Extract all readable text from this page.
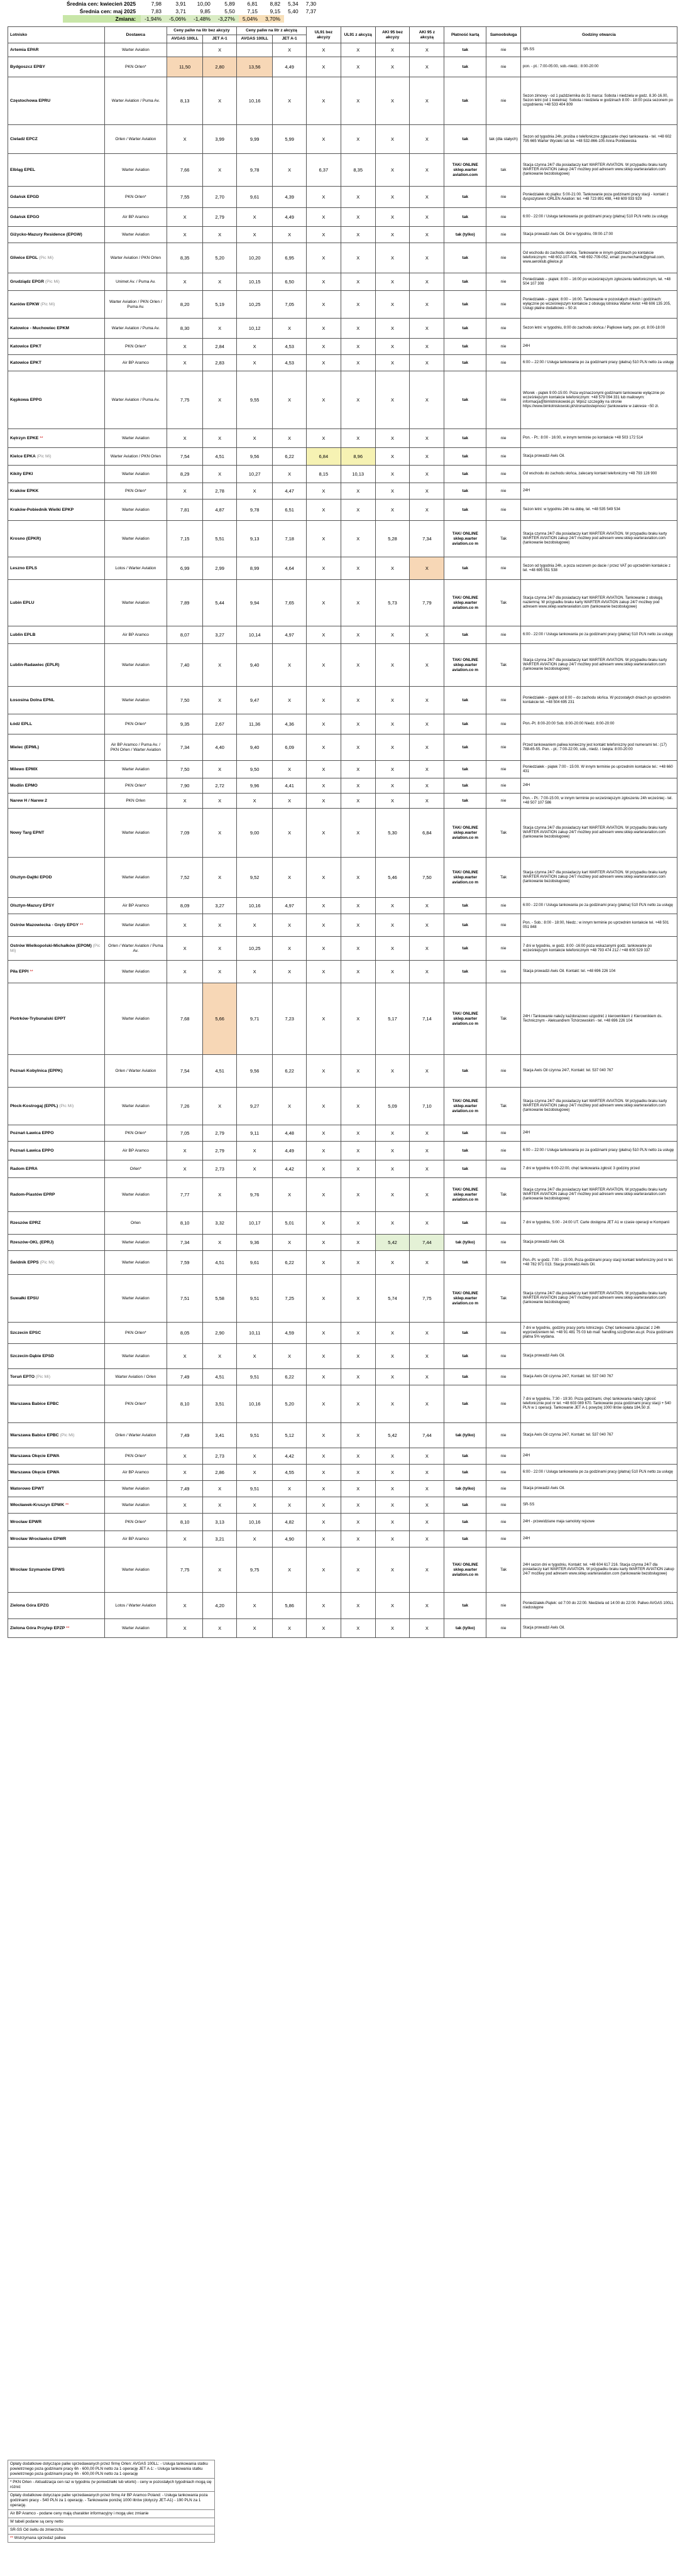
Średnia cen: kwiecień 2025	7,98	3,91	10,00	5,89	6,81	8,82	5,34	7,30
Średnia cen: maj 2025	7,83	3,71	9,85	5,50	7,15	9,15	5,40	7,37
Zmiana:	-1,94%	-5,06%	-1,48%	-3,27%	5,04%	3,70%		
Lotnisko	Dostawca	Ceny paliw na litr bez akcyzy		Ceny paliw na litr z akcyzą		UL91 bez akcyzy	UL91 z akcyzą	AKI 95 bez akcyzy	AKI 95 z akcyzą	Płatność kartą	Samoobsługa	Godziny otwarcia
		AVGAS 100LL	JET A-1	AVGAS 100LL	JET A-1							
Artemia EPAR	Warter Aviation		X		X	X	X	X	X	tak	nie	SR-SS
Bydgoszcz EPBY	PKN Orlen*	11,50	2,80	13,56	4,49	X	X	X	X	tak	nie	pon. - pt.: 7:00-05:00, sob.-niedz.: 8:00-20:00
Częstochowa EPRU	Warter Aviation / Puma Av.	8,13	X	10,16	X	X	X	X	X	tak	nie	Sezon zimowy - od 1 października do 31 marca: Sobota i niedziela w godz. 8.30-16.00, Sezon letni (od 1 kwietnia): Sobota i niedziela w godzinach 8:00 - 18:00 poza sezonem po uzgodnieniu +48 533 404 809
Cieladź EPCZ	Orlen / Warter Aviation	X	3,99	9,99	5,99	X	X	X	X	tak	tak (dla stałych)	Sezon od tygodnia 24h, prośba o telefoniczne zgłaszanie chęci tankowania - tel. +48 602 795 665 Warter Wycieki lub tel. +48 532-866-105 Anna Ponikiewska
Elbląg EPEL	Warter Aviation	7,66	X	9,78	X	6,37	8,35	X	X	TAK/ ONLINE sklep.warter aviation.com	tak	Stacja czynna 24/7 dla posiadaczy kart WARTER AVIATION. W przypadku braku karty WARTER AVIATION zakup 24/7 możliwy pod adresem www.sklep.warteraviation.com (tankowanie bezobsługowe)
Gdańsk EPGD	PKN Orlen*	7,55	2,70	9,61	4,39	X	X	X	X	tak	nie	Poniedziałek do piątku: 5:00-21:00. Tankowanie poza godzinami pracy stacji - kontakt z dyspozytorem ORLEN Aviation: tel. +48 723 891 498, +48 609 933 929
Gdańsk EPGO	Air BP Aramco	X	2,79	X	4,49	X	X	X	X	tak	nie	6:00 - 22:00 / Usługa tankowania po godzinami pracy (płatna) 510 PLN netto za usługę
Giżycko-Mazury Residence (EPGW)	Warter Aviation	X	X	X	X	X	X	X	X	tak (tylko)	nie	Stacja prowadzi Awis Oil. Dni w tygodniu, 09:00-17:00
Gliwice EPGL (Pic Mi)	Warter Aviation / PKN Orlen	8,35	5,20	10,20	6,95	X	X	X	X	tak	nie	Od wschodu do zachodu słońca. Tankowanie w innym godzinach po kontakcie telefonicznym: +48 602-107-406, +48 692-709-052, email: pw.mechanik@gmail.com, www.aeroklub.gliwice.pl
Grudziądz EPGR (Pic Mi)	Unimet Av. / Puma Av.	X	X	10,15	6,50	X	X	X	X	tak	nie	Poniedziałek – piątek: 8:00 – 16:00 po wcześniejszym zgłoszeniu telefonicznym, tel. +48 504 107 308
Kaniów EPKW (Pic Mi)	Warter Aviation / PKN Orlen / Puma Av.	8,20	5,19	10,25	7,05	X	X	X	X	tak	nie	Poniedziałek – piątek: 8:00 – 16:00. Tankowanie w pozostałych dniach i godzinach: wyłącznie po wcześniejszym kontakcie z obsługą lotniska Warter Airlot +48 606 135 205, Usługi płatne dodatkowo – 50 zł.
Katowice - Muchowiec EPKM	Warter Aviation / Puma Av.	8,30	X	10,12	X	X	X	X	X	tak	nie	Sezon letni: w tygodniu, 8:00 do zachodu słońca / Piątkowe karty, pon.-pt. 8:00-18:00
Katowice EPKT	PKN Orlen*	X	2,84	X	4,53	X	X	X	X	tak	nie	24H
Katowice EPKT	Air BP Aramco	X	2,83	X	4,53	X	X	X	X	tak	nie	6:00 – 22:00 / Usługa tankowania po za godzinami pracy (płatna) 510 PLN netto za usługę
Kępkowa EPPG	Warter Aviation / Puma Av.	7,75	X	9,55	X	X	X	X	X	tak	nie	Wtorek - piątek 9:00-15:00. Poza wyznaczonymi godzinami tankowanie wyłącznie po wcześniejszym kontakcie telefonicznym: +48 579 094 331 lub mailowym: informacja@bimlotniskowski.pl. Wpisz szczegóły na stronie https://www.bimlotniskowski.pl/strona/dostepnosc/ (tankowanie w zakresie ~50 zł.
Kętrzyn EPKE **	Warter Aviation	X	X	X	X	X	X	X	X	tak	nie	Pon. - Pt.: 8:00 - 16:00, w innym terminie po kontakcie +48 503 172 514
Kielce EPKA (Pic Mi)	Warter Aviation / PKN Orlen	7,54	4,51	9,56	6,22	6,84	8,96	X	X	tak	nie	Stacja prowadzi Awis Oil.
Kikity EPKI	Warter Aviation	8,29	X	10,27	X	8,15	10,13	X	X	tak	nie	Od wschodu do zachodu słońca, zalecany kontakt telefoniczny +48 793 128 900
Kraków EPKK	PKN Orlen*	X	2,78	X	4,47	X	X	X	X	tak	nie	24H
Kraków-Pobiednik Wielki EPKP	Warter Aviation	7,81	4,87	9,78	6,51	X	X	X	X	tak	nie	Sezon letni: w tygodniu 24h na dobę, tel. +48 535 549 534
Krosno (EPKR)	Warter Aviation	7,15	5,51	9,13	7,18	X	X	5,28	7,34	TAK/ ONLINE sklep.warter aviation.co m	Tak	Stacja czynna 24/7 dla posiadaczy kart WARTER AVIATION. W przypadku braku karty WARTER AVIATION zakup 24/7 możliwy pod adresem www.sklep.warteraviation.com (tankowanie bezobsługowe)
Leszno EPLS	Lotos / Warter Aviation	6,99	2,99	8,99	4,64	X	X	X	X	tak	nie	Sezon od tygodnia 24h, a poza sezonem po dacie / przez VAT po uprzednim kontakcie z tel. +48 695 551 538
Lubin EPLU	Warter Aviation	7,89	5,44	9,94	7,65	X	X	5,73	7,79	TAK/ ONLINE sklep.warter aviation.co m	Tak	Stacja czynna 24/7 dla posiadaczy kart WARTER AVIATION. Tankowanie z obsługą naziemną: W przypadku braku karty WARTER AVIATION zakup 24/7 możliwy pod adresem www.sklep.warteraviation.com (tankowanie bezobsługowe)
Lublin EPLB	Air BP Aramco	8,07	3,27	10,14	4,97	X	X	X	X	tak	nie	6:00 - 22:00 / Usługa tankowania po za godzinami pracy (płatna) 510 PLN netto za usługę
Lublin-Radawiec (EPLR)	Warter Aviation	7,40	X	9,40	X	X	X	X	X	TAK/ ONLINE sklep.warter aviation.co m	Tak	Stacja czynna 24/7 dla posiadaczy kart WARTER AVIATION. W przypadku braku karty WARTER AVIATION zakup 24/7 możliwy pod adresem www.sklep.warteraviation.com (tankowanie bezobsługowe)
Łososina Dolna EPNL	Warter Aviation	7,50	X	9,47	X	X	X	X	X	tak	nie	Poniedziałek – piątek od 8:00 – do zachodu słońca. W pozostałych dniach po uprzednim kontakcie tel. +48 504 695 231
Łódź EPLL	PKN Orlen*	9,35	2,67	11,36	4,36	X	X	X	X	tak	nie	Pon.-Pt. 8:00-20:00 Sob. 8:00-20:00 Niedz. 8:00-20:00
Mielec (EPML)	Air BP Aramco / Puma Av. / PKN Orlen / Warter Aviation	7,34	4,40	9,40	6,09	X	X	X	X	tak	nie	Przed tankowaniem paliwa konieczny jest kontakt telefoniczny pod numerami tel.: (17) 788-65-55. Pon. - pt.: 7:00-22:00, sob., niedz. i święta: 8:00-20:00
Milewo EPMX	Warter Aviation	7,50	X	9,50	X	X	X	X	X	tak	nie	Poniedziałek - piątek 7:00 - 15:00. W innym terminie po uprzednim kontakcie tel.: +48 660 431
Modlin EPMO	PKN Orlen*	7,90	2,72	9,96	4,41	X	X	X	X	tak	nie	24H
Narew H / Narew 2	PKN Orlen	X	X	X	X	X	X	X	X	tak	nie	Pon. - Pt.: 7:00-15:00, w innym terminie po wcześniejszym zgłoszeniu 24h wcześniej - tel. +48 507 107 586
Nowy Targ EPNT	Warter Aviation	7,09	X	9,00	X	X	X	5,30	6,84	TAK/ ONLINE sklep.warter aviation.co m	Tak	Stacja czynna 24/7 dla posiadaczy kart WARTER AVIATION. W przypadku braku karty WARTER AVIATION zakup 24/7 możliwy pod adresem www.sklep.warteraviation.com (tankowanie bezobsługowe)
Olsztyn-Dajtki EPOD	Warter Aviation	7,52	X	9,52	X	X	X	5,46	7,50	TAK/ ONLINE sklep.warter aviation.co m	Tak	Stacja czynna 24/7 dla posiadaczy kart WARTER AVIATION. W przypadku braku karty WARTER AVIATION zakup 24/7 możliwy pod adresem www.sklep.warteraviation.com (tankowanie bezobsługowe)
Olsztyn-Mazury EPSY	Air BP Aramco	8,09	3,27	10,16	4,97	X	X	X	X	tak	nie	6:00 - 22:00 / Usługa tankowania po za godzinami pracy (płatna) 510 PLN netto za usługę
Ostrów Mazowiecka - Gręty EPGY **	Warter Aviation	X	X	X	X	X	X	X	X	tak	nie	Pon. - Sob.: 8:00 - 18:00, Niedz.: w innym terminie po uprzednim kontakcie tel. +48 501 051 848
Ostrów Wielkopolski-Michałków (EPOM) (Pic Mi)	Orlen / Warter Aviation / Puma Av.	X	X	10,25	X	X	X	X	X	tak	nie	7 dni w tygodniu, w godz. 8:00 -16:00 poza wskazanymi godz. tankowanie po wcześniejszym kontakcie telefonicznym +48 793 474 212 / +48 600 529 337
Piła EPPI **	Warter Aviation	X	X	X	X	X	X	X	X	tak	nie	Stacja prowadzi Awis Oil. Kontakt: tel. +48 696 226 104
Piotrków-Trybunalski EPPT	Warter Aviation	7,68	5,66	9,71	7,23	X	X	5,17	7,14	TAK/ ONLINE sklep.warter aviation.co m	Tak	24H / Tankowanie należy każdorazowo uzgodnić z kierownikiem z Kierownikiem ds. Technicznym - Aleksandrem Tchórzewskim - tel. +48 696 226 104
Poznań Kobylnica (EPPK)	Orlen / Warter Aviation	7,54	4,51	9,56	6,22	X	X	X	X	tak	nie	Stacja Awis Oil czynna 24/7, Kontakt: tel. 537 040 767
Płock-Kostrogaj (EPPL) (Pic Mi)	Warter Aviation	7,26	X	9,27	X	X	X	5,09	7,10	TAK/ ONLINE sklep.warter aviation.co m	Tak	Stacja czynna 24/7 dla posiadaczy kart WARTER AVIATION. W przypadku braku karty WARTER AVIATION zakup 24/7 możliwy pod adresem www.sklep.warteraviation.com (tankowanie bezobsługowe)
Poznań Ławica EPPO	PKN Orlen*	7,05	2,79	9,11	4,48	X	X	X	X	tak	nie	24H
Poznań Ławica EPPO	Air BP Aramco	X	2,79	X	4,49	X	X	X	X	tak	nie	6:00 – 22:00 / Usługa tankowania po za godzinami pracy (płatna) 510 PLN netto za usługę
Radom EPRA	Orlen*	X	2,73	X	4,42	X	X	X	X	tak	nie	7 dni w tygodniu 6:00-22:00, chęć tankowania zgłosić 3 godziny przed
Radom-Piastów EPRP	Warter Aviation	7,77	X	9,76	X	X	X	X	X	TAK/ ONLINE sklep.warter aviation.co m	Tak	Stacja czynna 24/7 dla posiadaczy kart WARTER AVIATION. W przypadku braku karty WARTER AVIATION zakup 24/7 możliwy pod adresem www.sklep.warteraviation.com (tankowanie bezobsługowe)
Rzeszów EPRZ	Orlen	8,10	3,32	10,17	5,01	X	X	X	X	tak	nie	7 dni w tygodniu, 5:00 - 24:00 UT. Carte dostępna JET A1 w czasie operacji w Kompanii
Rzeszów-OKL (EPRJ)	Warter Aviation	7,34	X	9,36	X	X	X	5,42	7,44	tak (tylko)	nie	Stacja prowadzi Awis Oil.
Świdnik EPPS (Pic Mi)	Warter Aviation	7,59	4,51	9,61	6,22	X	X	X	X	tak	nie	Pon.-Pt. w godz. 7:00 – 15:00, Poza godzinami pracy stacji kontakt telefoniczny pod nr tel. +48 782 971 013. Stacja prowadzi Awis Oil.
Suwałki EPSU	Warter Aviation	7,51	5,58	9,51	7,25	X	X	5,74	7,75	TAK/ ONLINE sklep.warter aviation.co m	Tak	Stacja czynna 24/7 dla posiadaczy kart WARTER AVIATION. W przypadku braku karty WARTER AVIATION zakup 24/7 możliwy pod adresem www.sklep.warteraviation.com (tankowanie bezobsługowe)
Szczecin EPSC	PKN Orlen*	8,05	2,90	10,11	4,59	X	X	X	X	tak	nie	7 dni w tygodniu, godziny pracy portu lotniczego. Chęć tankowania zgłaszać z 24h wyprzedzeniem tel. +48 91 481 75 03 lub mail: handling.szz@orlen.eu.pl. Poza godzinami płatna 5% wydana.
Szczecin-Dąbie EPSD	Warter Aviation	X	X	X	X	X	X	X	X	tak	nie	Stacja prowadzi Awis Oil.
Toruń EPTO (Pic Mi)	Warter Aviation / Orlen	7,49	4,51	9,51	6,22	X	X	X	X	tak	nie	Stacja Awis Oil czynna 24/7, Kontakt: tel. 537 040 767
Warszawa Babice EPBC	PKN Orlen*	8,10	3,51	10,16	5,20	X	X	X	X	tak	nie	7 dni w tygodniu, 7:30 - 19:30. Poza godzinami, chęć tankowania należy zgłosić telefonicznie pod nr tel. +48 603 089 670. Tankowanie poza godzinami pracy stacji + 540 PLN w 1 operacji. Tankowanie JET A-1 powyżej 1000 litrów opłata 184,50 zł.
Warszawa Babice EPBC (Pic Mi)	Orlen / Warter Aviation	7,49	3,41	9,51	5,12	X	X	5,42	7,44	tak (tylko)	nie	Stacja Awis Oil czynna 24/7, Kontakt: tel. 537 040 767
Warszawa Okęcie EPWA	PKN Orlen*	X	2,73	X	4,42	X	X	X	X	tak	nie	24H
Warszawa Okęcie EPWA	Air BP Aramco	X	2,86	X	4,55	X	X	X	X	tak	nie	6:00 - 22:00 / Usługa tankowania po za godzinami pracy (płatna) 510 PLN netto za usługę
Watorowo EPWT	Warter Aviation	7,49	X	9,51	X	X	X	X	X	tak (tylko)	nie	Stacja prowadzi Awis Oil.
Włocławek-Kruszyn EPWK **	Warter Aviation	X	X	X	X	X	X	X	X	tak	nie	SR-SS
Wrocław EPWR	PKN Orlen*	8,10	3,13	10,16	4,82	X	X	X	X	tak	nie	24H - przewidziane maja samoloty rejsowe
Wrocław Wrocławice EPWR	Air BP Aramco	X	3,21	X	4,90	X	X	X	X	tak	nie	24H
Wrocław Szymanów EPWS	Warter Aviation	7,75	X	9,75	X	X	X	X	X	TAK/ ONLINE sklep.warter aviation.co m	Tak	24H sezon dni w tygodniu, Kontakt: tel. +48 604 617 216. Stacja czynna 24/7 dla posiadaczy kart WARTER AVIATION. W przypadku braku karty WARTER AVIATION zakup 24/7 możliwy pod adresem www.sklep.warteraviation.com (tankowanie bezobsługowe)
Zielona Góra EPZG	Lotos / Warter Aviation	X	4,20	X	5,86	X	X	X	X	tak	nie	Poniedziałek-Piątek: od 7:00 do 22:00. Niedziela od 14:00 do 22:00. Paliwo AVGAS 100LL niedostępne
Zielona Góra Przylep EPZP **	Warter Aviation	X	X	X	X	X	X	X	X	tak (tylko)	nie	Stacja prowadzi Awis Oil.
Opłaty dodatkowe dotyczące paliw sprzedawanych przez firmę Orlen: AVGAS 100LL: - Usługa tankowania statku powietrznego poza godzinami pracy 6h - 600,00 PLN netto za 1 operację JET A-1: - Usługa tankowania statku powietrznego poza godzinami pracy 6h - 600,00 PLN netto za 1 operację
* PKN Orlen - Aktualizacja cen raz w tygodniu (w poniedziałki lub wtorki) - ceny w pozostałych tygodniach mogą się różnić
Opłaty dodatkowe dotyczące paliw sprzedawanych przez firmę Air BP Aramco Poland: - Usługa tankowania poza godzinami pracy - 540 PLN za 1 operację. - Tankowanie poniżej 1000 litrów (dotyczy JET-A1) - 190 PLN za 1 operację.
Air BP Aramco - podane ceny mają charakter informacyjny i mogą ulec zmianie
W tabeli podane są ceny netto
SR-SS Od świtu do zmierzchu
** Wstrzymana sprzedaż paliwa
